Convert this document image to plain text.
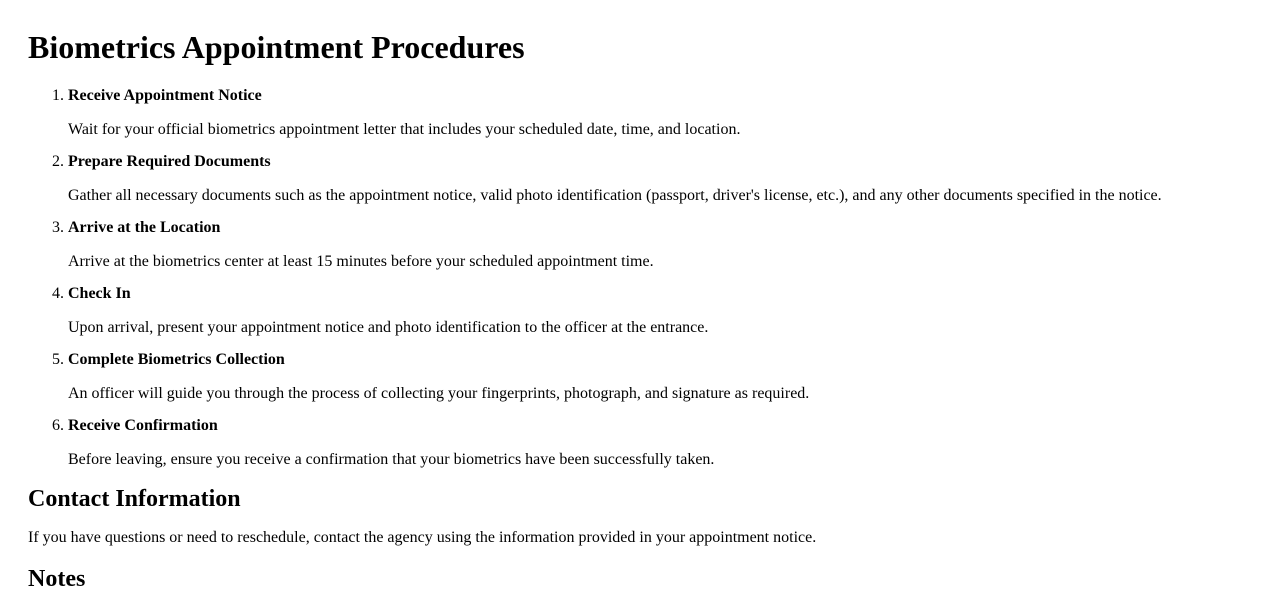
Biometrics Appointment Procedures
1. Receive Appointment Notice

Wait for your official biometrics appointment letter that includes your scheduled date, time, and location.

2. Prepare Required Documents

Gather all necessary documents such as the appointment notice, valid photo identification (passport, driver's license, etc.), and any other documents specified in the notice.

3. Arrive at the Location

Arrive at the biometrics center at least 15 minutes before your scheduled appointment time.

4. Check In

Upon arrival, present your appointment notice and photo identification to the officer at the entrance.

5. Complete Biometrics Collection

An officer will guide you through the process of collecting your fingerprints, photograph, and signature as required.

6. Receive Confirmation

Before leaving, ensure you receive a confirmation that your biometrics have been successfully taken.

Contact Information

If you have questions or need to reschedule, contact the agency using the information provided in your appointment notice.

Notes
